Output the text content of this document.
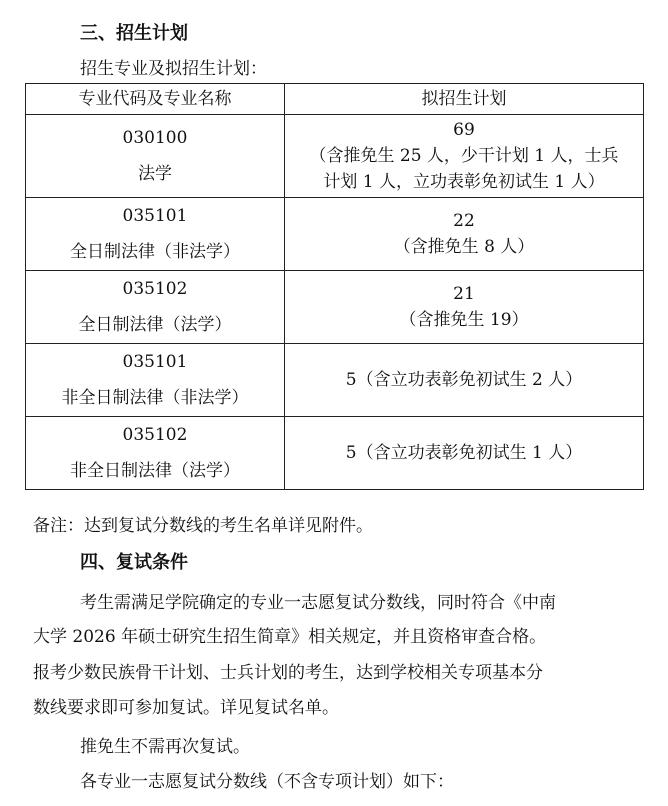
三、招生计划
招生专业及拟招生计划：
专业代码及专业名称	拟招生计划

030100
法学	69
（含推免生 25 人，少干计划 1 人，士兵
计划 1 人，立功表彰免初试生 1 人）

035101
全日制法律（非法学）	22
（含推免生 8 人）

035102
全日制法律（法学）	21
（含推免生 19）

035101
非全日制法律（非法学）	5（含立功表彰免初试生 2 人）

035102
非全日制法律（法学）	5（含立功表彰免初试生 1 人）
备注：达到复试分数线的考生名单详见附件。
四、复试条件
考生需满足学院确定的专业一志愿复试分数线，同时符合《中南
大学 2026 年硕士研究生招生简章》相关规定，并且资格审查合格。
报考少数民族骨干计划、士兵计划的考生，达到学校相关专项基本分
数线要求即可参加复试。详见复试名单。
推免生不需再次复试。
各专业一志愿复试分数线（不含专项计划）如下：
